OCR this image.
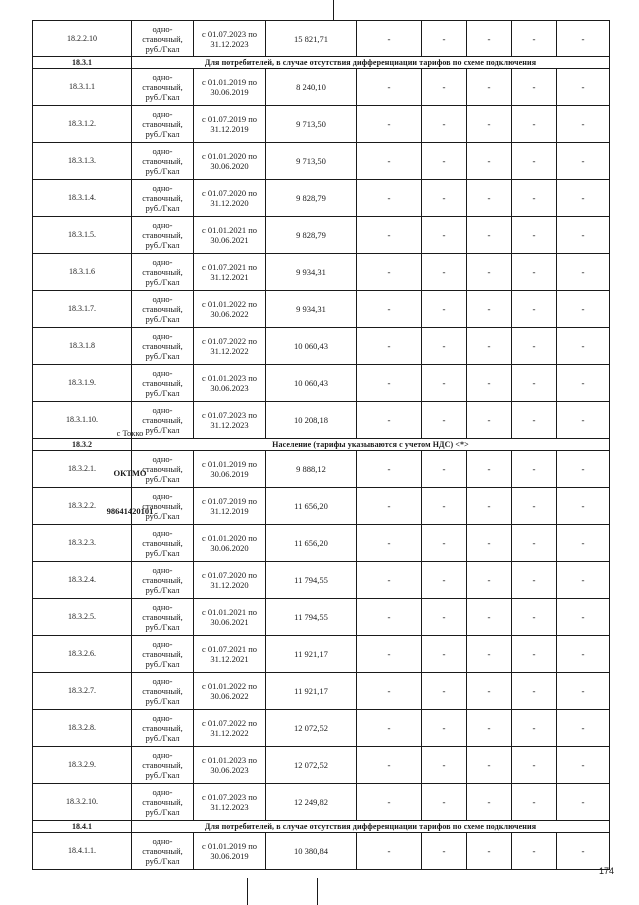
18.2.2.10	одно-ставочный, руб./Гкал	с 01.07.2023 по 31.12.2023	15 821,71	-	-	-	-	-
18.3.1	Для потребителей, в случае отсутствия дифференциации тарифов по схеме подключения							
18.3.1.1	одно-ставочный, руб./Гкал	с 01.01.2019 по 30.06.2019	8 240,10	-	-	-	-	-
18.3.1.2.	одно-ставочный, руб./Гкал	с 01.07.2019 по 31.12.2019	9 713,50	-	-	-	-	-
18.3.1.3.	одно-ставочный, руб./Гкал	с 01.01.2020 по 30.06.2020	9 713,50	-	-	-	-	-
18.3.1.4.	одно-ставочный, руб./Гкал	с 01.07.2020 по 31.12.2020	9 828,79	-	-	-	-	-
18.3.1.5.	одно-ставочный, руб./Гкал	с 01.01.2021 по 30.06.2021	9 828,79	-	-	-	-	-
18.3.1.6	одно-ставочный, руб./Гкал	с 01.07.2021 по 31.12.2021	9 934,31	-	-	-	-	-
18.3.1.7.	одно-ставочный, руб./Гкал	с 01.01.2022 по 30.06.2022	9 934,31	-	-	-	-	-
18.3.1.8	одно-ставочный, руб./Гкал	с 01.07.2022 по 31.12.2022	10 060,43	-	-	-	-	-
18.3.1.9.	одно-ставочный, руб./Гкал	с 01.01.2023 по 30.06.2023	10 060,43	-	-	-	-	-
18.3.1.10.	одно-ставочный, руб./Гкал	с 01.07.2023 по 31.12.2023	10 208,18	-	-	-	-	-
18.3.2	Население (тарифы указываются с учетом НДС) <*>							
18.3.2.1.	одно-ставочный, руб./Гкал	с 01.01.2019 по 30.06.2019	9 888,12	-	-	-	-	-
18.3.2.2.	одно-ставочный, руб./Гкал	с 01.07.2019 по 31.12.2019	11 656,20	-	-	-	-	-
18.3.2.3.	одно-ставочный, руб./Гкал	с 01.01.2020 по 30.06.2020	11 656,20	-	-	-	-	-
18.3.2.4.	одно-ставочный, руб./Гкал	с 01.07.2020 по 31.12.2020	11 794,55	-	-	-	-	-
18.3.2.5.	одно-ставочный, руб./Гкал	с 01.01.2021 по 30.06.2021	11 794,55	-	-	-	-	-
18.3.2.6.	одно-ставочный, руб./Гкал	с 01.07.2021 по 31.12.2021	11 921,17	-	-	-	-	-
18.3.2.7.	одно-ставочный, руб./Гкал	с 01.01.2022 по 30.06.2022	11 921,17	-	-	-	-	-
18.3.2.8.	одно-ставочный, руб./Гкал	с 01.07.2022 по 31.12.2022	12 072,52	-	-	-	-	-
18.3.2.9.	одно-ставочный, руб./Гкал	с 01.01.2023 по 30.06.2023	12 072,52	-	-	-	-	-
18.3.2.10.	одно-ставочный, руб./Гкал	с 01.07.2023 по 31.12.2023	12 249,82	-	-	-	-	-
18.4.1	Для потребителей, в случае отсутствия дифференциации тарифов по схеме подключения							
18.4.1.1.	одно-ставочный, руб./Гкал	с 01.01.2019 по 30.06.2019	10 380,84	-	-	-	-	-
174
с Токко
ОКТМО
98641420101
